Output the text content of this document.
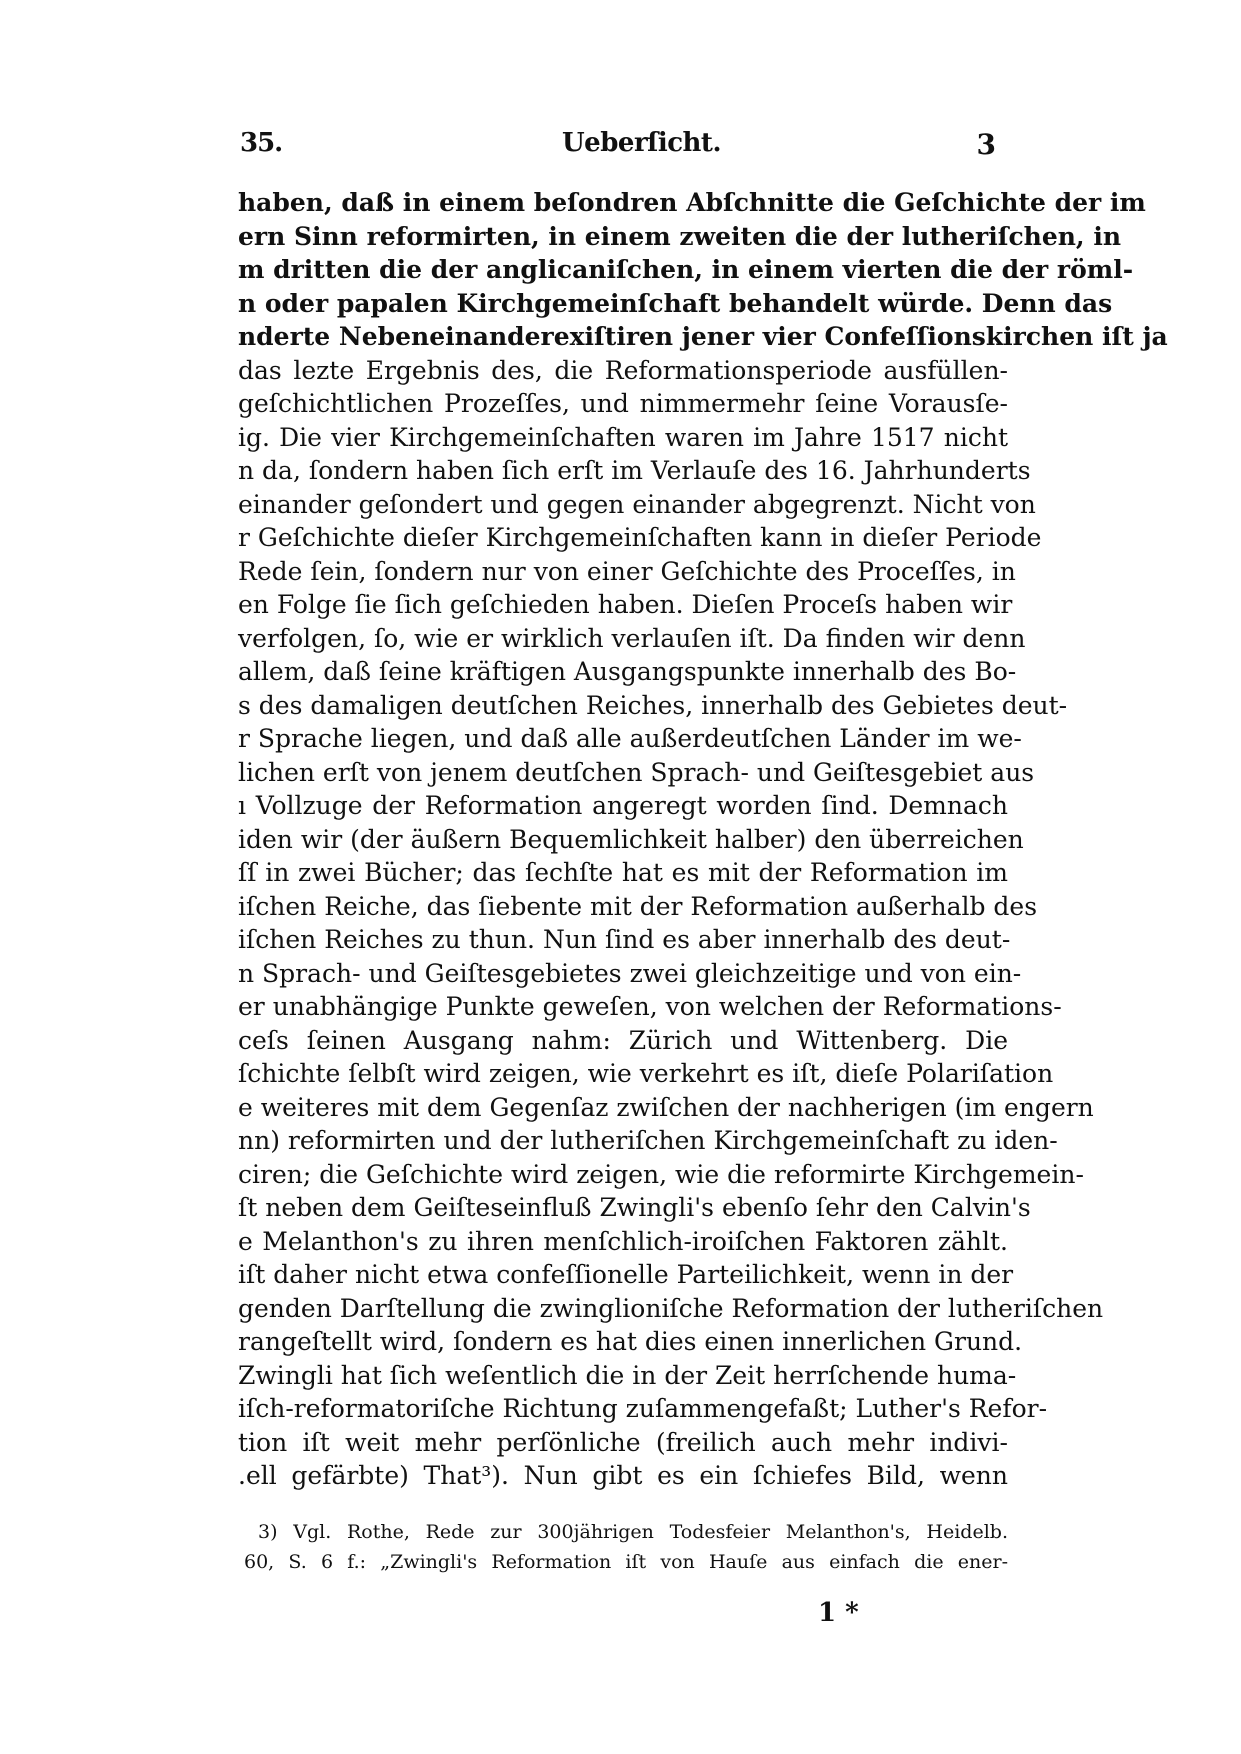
35.	Ueberſicht.	3
haben, daß in einem beſondren Abſchnitte die Geſchichte der im
ern Sinn reformirten, in einem zweiten die der lutheriſchen, in
m dritten die der anglicaniſchen, in einem vierten die der röml-
n oder papalen Kirchgemeinſchaft behandelt würde. Denn das
nderte Nebeneinanderexiſtiren jener vier Confeſſionskirchen iſt ja
das lezte Ergebnis des, die Reformationsperiode ausfüllen-
geſchichtlichen Prozeſſes, und nimmermehr ſeine Vorausſe-
ig. Die vier Kirchgemeinſchaften waren im Jahre 1517 nicht
n da, ſondern haben ſich erſt im Verlauſe des 16. Jahrhunderts
einander geſondert und gegen einander abgegrenzt. Nicht von
r Geſchichte dieſer Kirchgemeinſchaften kann in dieſer Periode
Rede ſein, ſondern nur von einer Geſchichte des Proceſſes, in
en Folge ſie ſich geſchieden haben. Dieſen Proceſs haben wir
verfolgen, ſo, wie er wirklich verlauſen iſt. Da finden wir denn
allem, daß ſeine kräftigen Ausgangspunkte innerhalb des Bo-
s des damaligen deutſchen Reiches, innerhalb des Gebietes deut-
r Sprache liegen, und daß alle außerdeutſchen Länder im we-
lichen erſt von jenem deutſchen Sprach- und Geiſtesgebiet aus
ı Vollzuge der Reformation angeregt worden ſind. Demnach
iden wir (der äußern Bequemlichkeit halber) den überreichen
ſſ in zwei Bücher; das ſechſte hat es mit der Reformation im
iſchen Reiche, das ſiebente mit der Reformation außerhalb des
iſchen Reiches zu thun. Nun ſind es aber innerhalb des deut-
n Sprach- und Geiſtesgebietes zwei gleichzeitige und von ein-
er unabhängige Punkte geweſen, von welchen der Reformations-
ceſs ſeinen Ausgang nahm: Zürich und Wittenberg. Die
ſchichte ſelbſt wird zeigen, wie verkehrt es iſt, dieſe Polariſation
e weiteres mit dem Gegenſaz zwiſchen der nachherigen (im engern
nn) reformirten und der lutheriſchen Kirchgemeinſchaft zu iden-
ciren; die Geſchichte wird zeigen, wie die reformirte Kirchgemein-
ſt neben dem Geiſteseinfluß Zwingli's ebenſo ſehr den Calvin's
e Melanthon's zu ihren menſchlich-iroiſchen Faktoren zählt.
iſt daher nicht etwa confeſſionelle Parteilichkeit, wenn in der
genden Darſtellung die zwinglioniſche Reformation der lutheriſchen
rangeſtellt wird, ſondern es hat dies einen innerlichen Grund.
Zwingli hat ſich weſentlich die in der Zeit herrſchende huma-
iſch-reformatoriſche Richtung zuſammengefaßt; Luther's Refor-
tion iſt weit mehr perſönliche (freilich auch mehr indivi-
.ell gefärbte) That³). Nun gibt es ein ſchiefes Bild, wenn
3) Vgl. Rothe, Rede zur 300jährigen Todesfeier Melanthon's, Heidelb.
60, S. 6 f.: „Zwingli's Reformation iſt von Hauſe aus einfach die ener-
1 *
